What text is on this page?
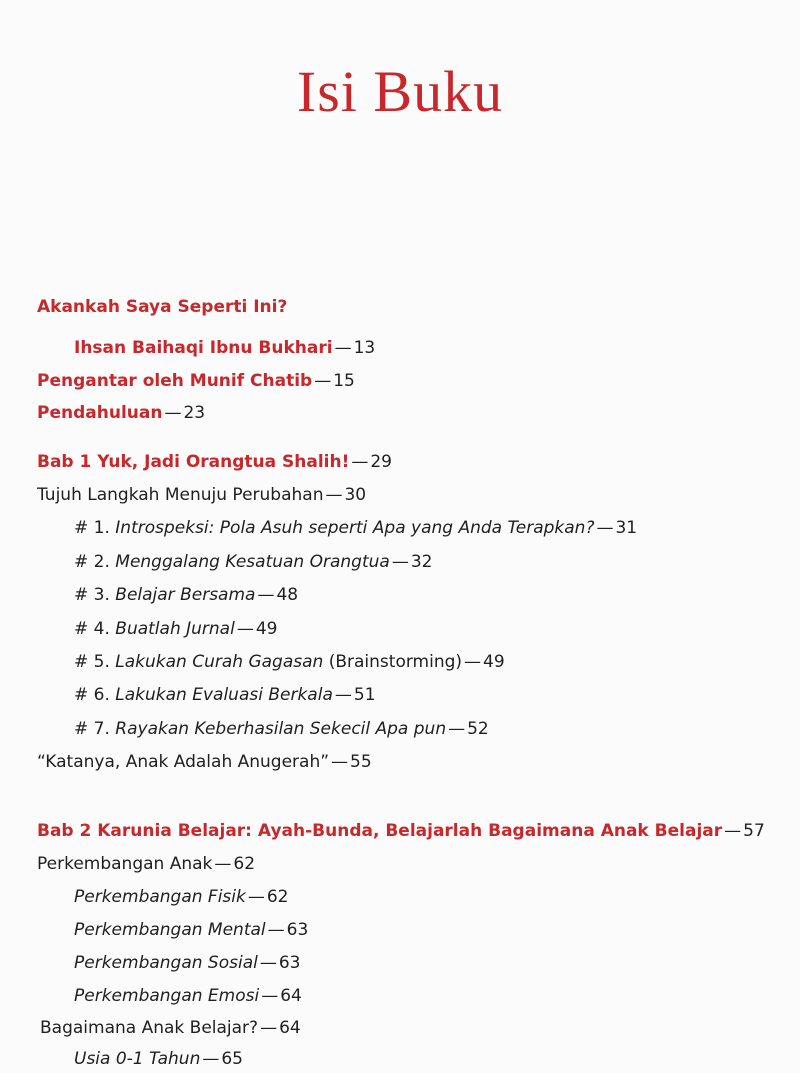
Isi Buku
Akankah Saya Seperti Ini?
Ihsan Baihaqi Ibnu Bukhari — 13
Pengantar oleh Munif Chatib — 15
Pendahuluan — 23
Bab 1 Yuk, Jadi Orangtua Shalih! — 29
Tujuh Langkah Menuju Perubahan — 30
# 1. Introspeksi: Pola Asuh seperti Apa yang Anda Terapkan? — 31
# 2. Menggalang Kesatuan Orangtua — 32
# 3. Belajar Bersama — 48
# 4. Buatlah Jurnal — 49
# 5. Lakukan Curah Gagasan (Brainstorming) — 49
# 6. Lakukan Evaluasi Berkala — 51
# 7. Rayakan Keberhasilan Sekecil Apa pun — 52
“Katanya, Anak Adalah Anugerah” — 55
Bab 2 Karunia Belajar: Ayah-Bunda, Belajarlah Bagaimana Anak Belajar — 57
Perkembangan Anak — 62
Perkembangan Fisik — 62
Perkembangan Mental — 63
Perkembangan Sosial — 63
Perkembangan Emosi — 64
Bagaimana Anak Belajar? — 64
Usia 0-1 Tahun — 65
